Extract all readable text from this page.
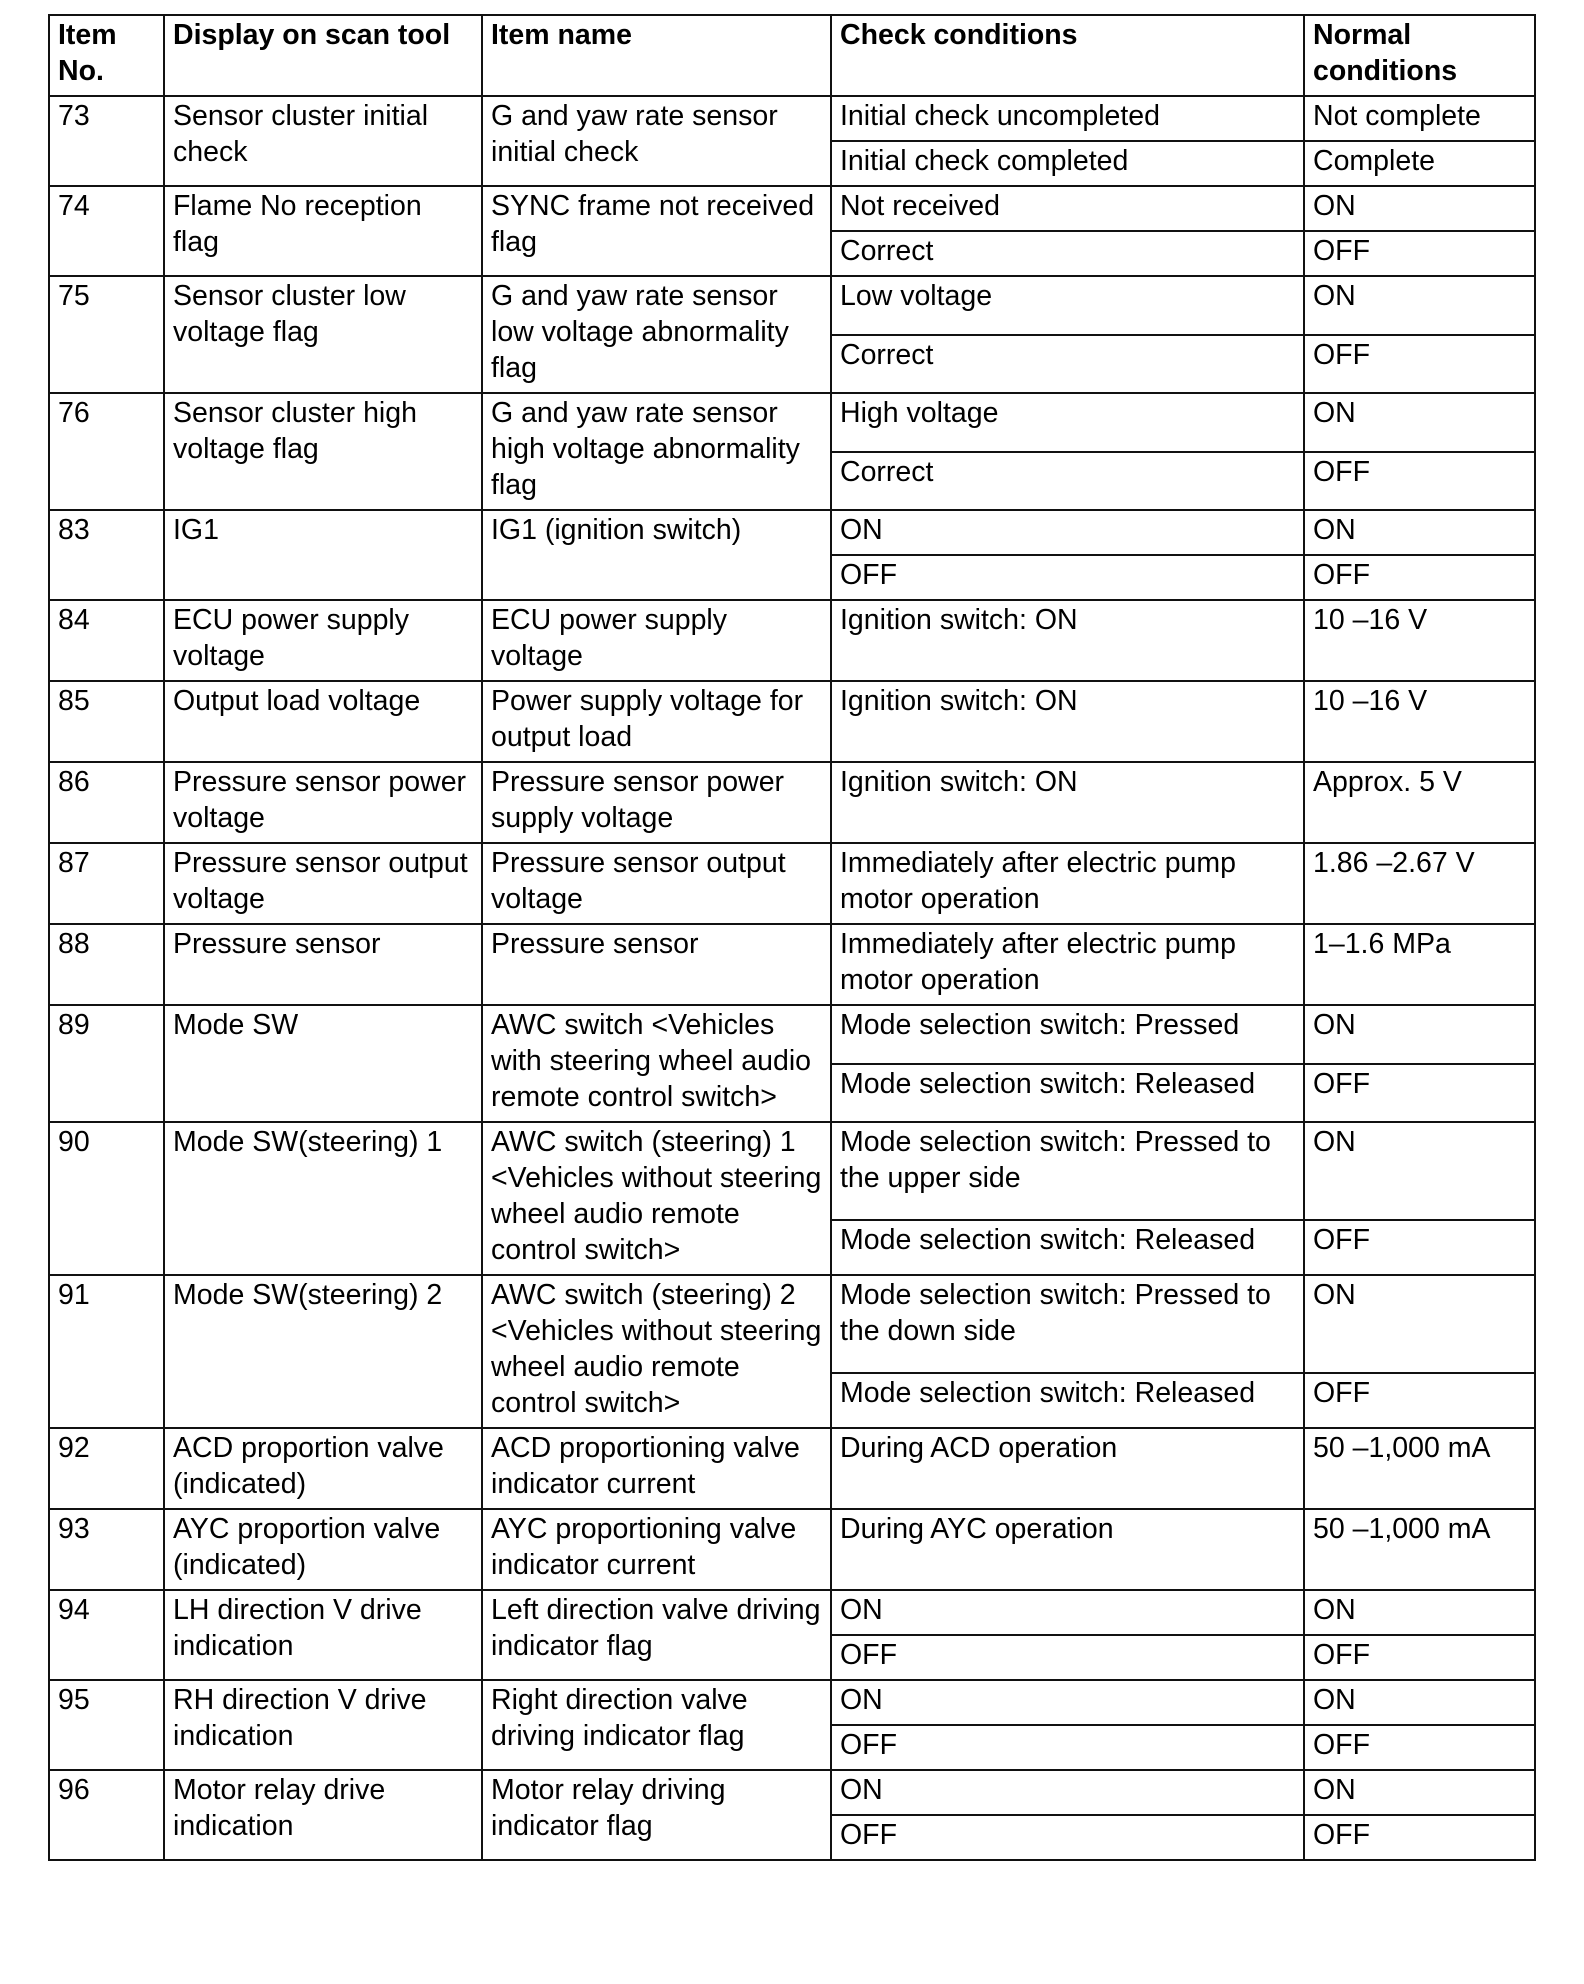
Item No.	Display on scan tool	Item name	Check conditions	Normal conditions
73	Sensor cluster initial check	G and yaw rate sensor initial check	Initial check uncompleted	Not complete
			Initial check completed	Complete
74	Flame No reception flag	SYNC frame not received flag	Not received	ON
			Correct	OFF
75	Sensor cluster low voltage flag	G and yaw rate sensor low voltage abnormality flag	Low voltage	ON
			Correct	OFF
76	Sensor cluster high voltage flag	G and yaw rate sensor high voltage abnormality flag	High voltage	ON
			Correct	OFF
83	IG1	IG1 (ignition switch)	ON	ON
			OFF	OFF
84	ECU power supply voltage	ECU power supply voltage	Ignition switch: ON	10 –16 V
85	Output load voltage	Power supply voltage for output load	Ignition switch: ON	10 –16 V
86	Pressure sensor power voltage	Pressure sensor power supply voltage	Ignition switch: ON	Approx. 5 V
87	Pressure sensor output voltage	Pressure sensor output voltage	Immediately after electric pump motor operation	1.86 –2.67 V
88	Pressure sensor	Pressure sensor	Immediately after electric pump motor operation	1–1.6 MPa
89	Mode SW	AWC switch <Vehicles with steering wheel audio remote control switch>	Mode selection switch: Pressed	ON
			Mode selection switch: Released	OFF
90	Mode SW(steering) 1	AWC switch (steering) 1 <Vehicles without steering wheel audio remote control switch>	Mode selection switch: Pressed to the upper side	ON
			Mode selection switch: Released	OFF
91	Mode SW(steering) 2	AWC switch (steering) 2 <Vehicles without steering wheel audio remote control switch>	Mode selection switch: Pressed to the down side	ON
			Mode selection switch: Released	OFF
92	ACD proportion valve (indicated)	ACD proportioning valve indicator current	During ACD operation	50 –1,000 mA
93	AYC proportion valve (indicated)	AYC proportioning valve indicator current	During AYC operation	50 –1,000 mA
94	LH direction V drive indication	Left direction valve driving indicator flag	ON	ON
			OFF	OFF
95	RH direction V drive indication	Right direction valve driving indicator flag	ON	ON
			OFF	OFF
96	Motor relay drive indication	Motor relay driving indicator flag	ON	ON
			OFF	OFF
